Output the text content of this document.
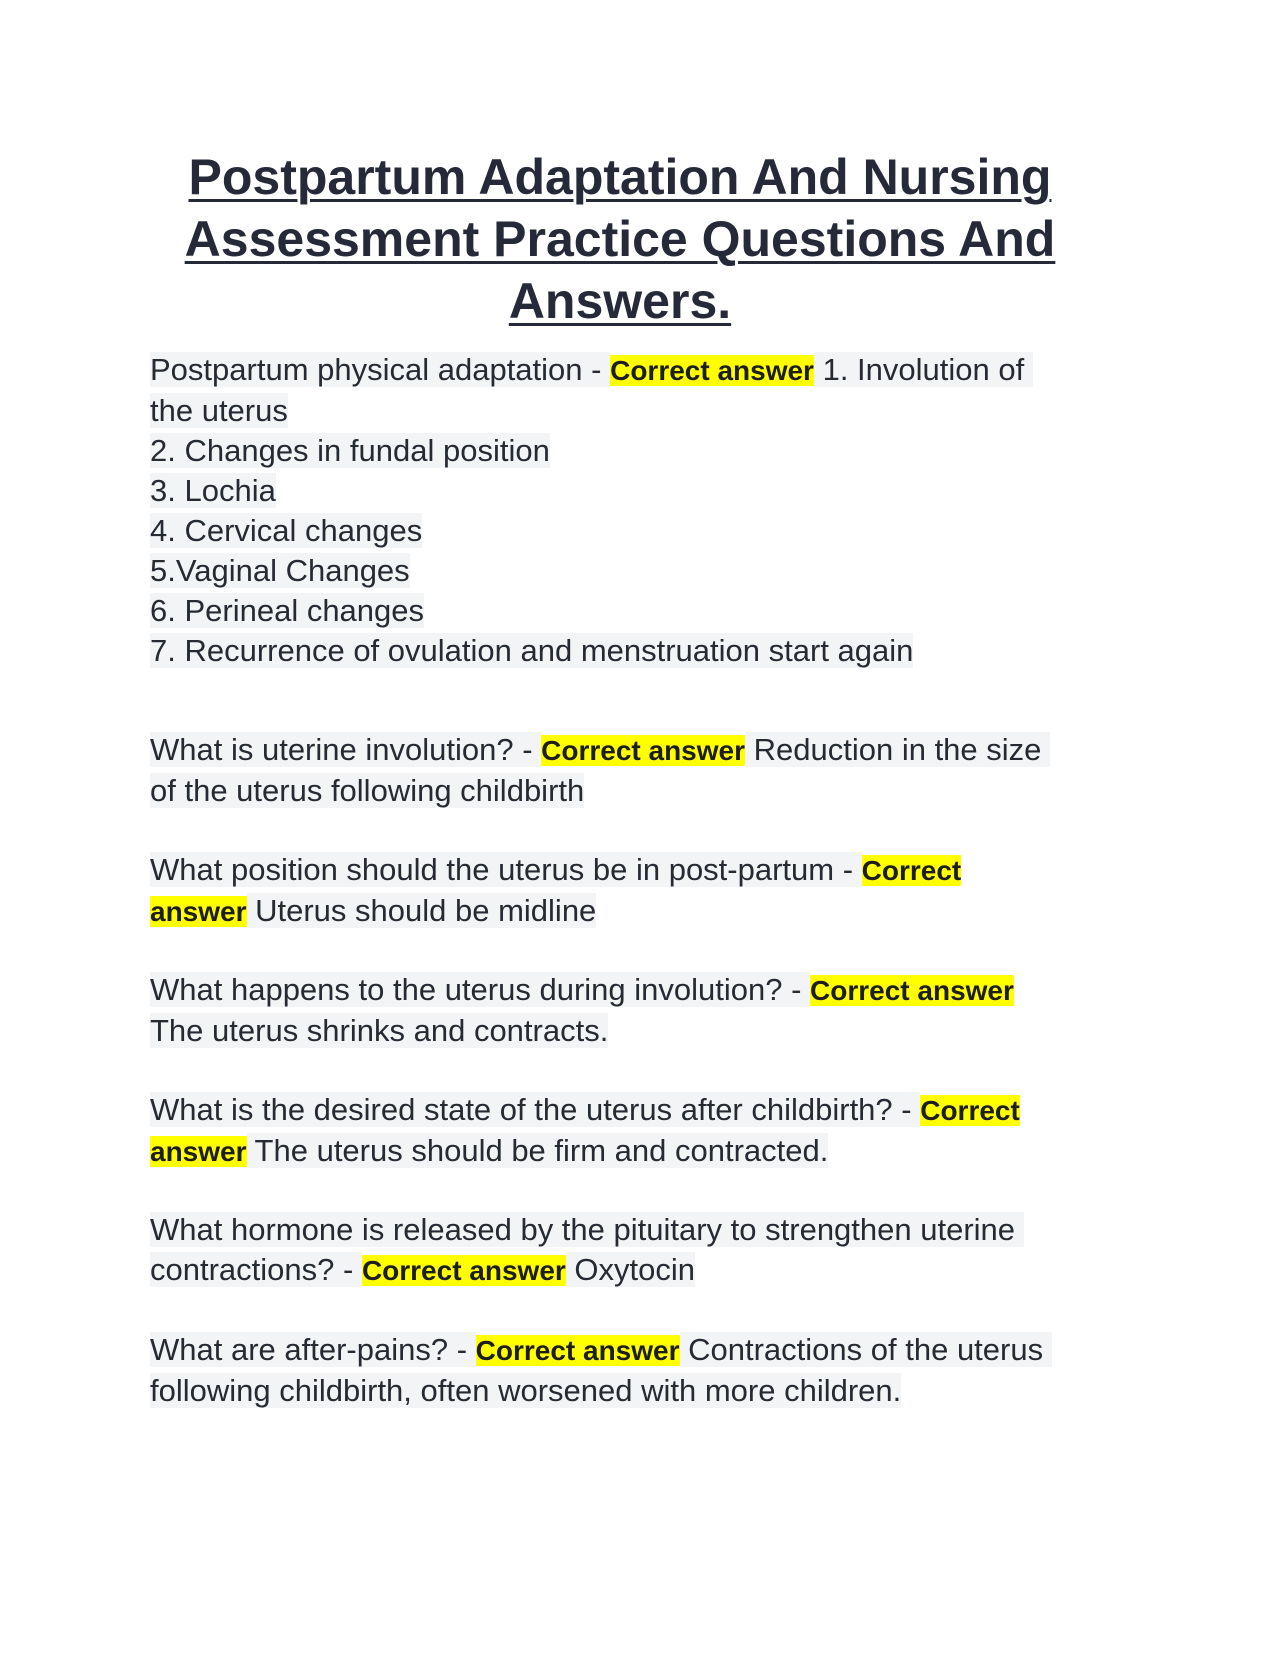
Postpartum Adaptation And Nursing
Assessment Practice Questions And
Answers.
Postpartum physical adaptation - Correct answer 1. Involution of
the uterus
2. Changes in fundal position
3. Lochia
4. Cervical changes
5.Vaginal Changes
6. Perineal changes
7. Recurrence of ovulation and menstruation start again
What is uterine involution? - Correct answer Reduction in the size
of the uterus following childbirth
What position should the uterus be in post-partum - Correct
answer Uterus should be midline
What happens to the uterus during involution? - Correct answer
The uterus shrinks and contracts.
What is the desired state of the uterus after childbirth? - Correct
answer The uterus should be firm and contracted.
What hormone is released by the pituitary to strengthen uterine
contractions? - Correct answer Oxytocin
What are after-pains? - Correct answer Contractions of the uterus
following childbirth, often worsened with more children.
